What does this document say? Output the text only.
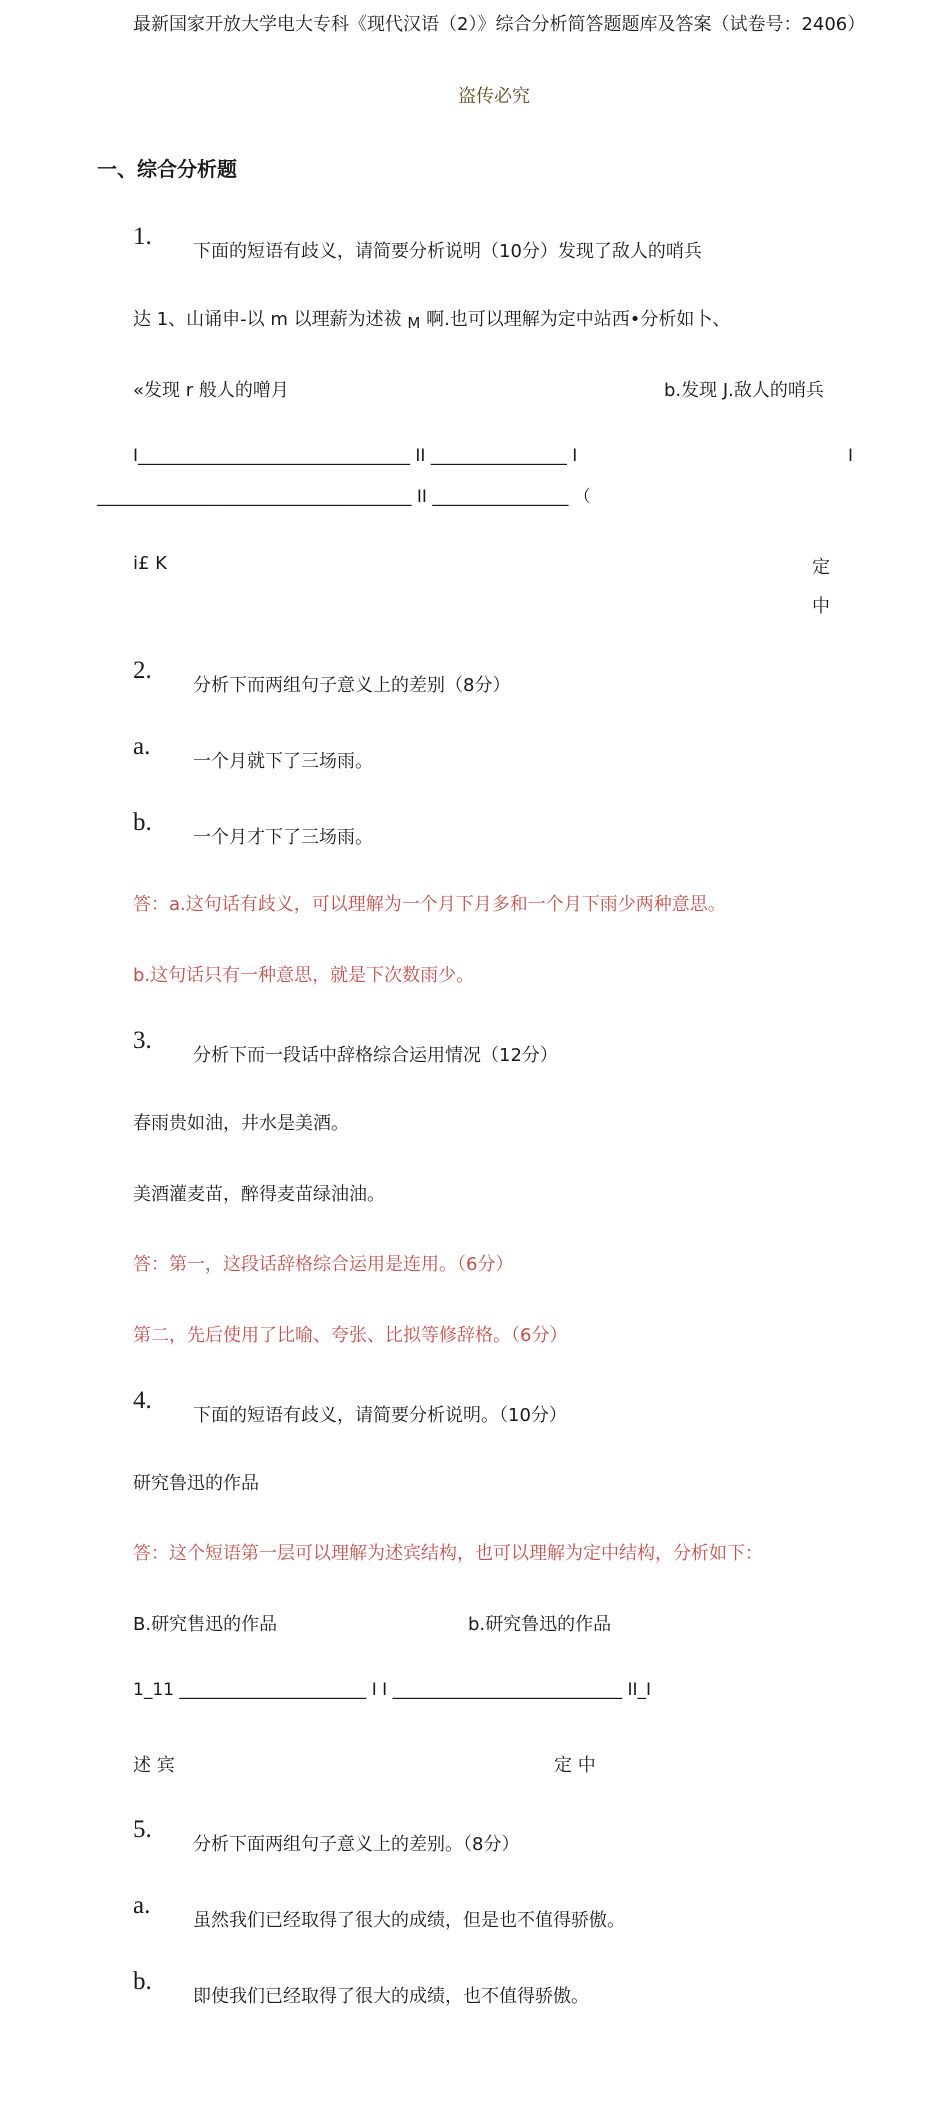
最新国家开放大学电大专科《现代汉语（2）》综合分析简答题题库及答案（试卷号：2406）
盗传必究
一、综合分析题
1.
下面的短语有歧义，请简要分析说明（10分）发现了敌人的哨兵
达 1、山诵申-以 m 以理薪为述祓 M 啊.也可以理解为定中站西•分析如卜、
«发现 r 般人的噌月	b.发现 J.敌人的哨兵
I________________________________ II ________________ I	I
_____________________________________ II ________________ （
i£ K	定
中
2.
分析下而两组句子意义上的差别（8分）
a.
一个月就下了三场雨。
b.
一个月才下了三场雨。
答：a.这句话有歧义，可以理解为一个月下月多和一个月下雨少两种意思。
b.这句话只有一种意思，就是下次数雨少。
3.
分析下而一段话中辞格综合运用情况（12分）
春雨贵如油，井水是美酒。
美酒灌麦苗，醉得麦苗绿油油。
答：第一，这段话辞格综合运用是连用。（6分）
第二，先后使用了比喻、夸张、比拟等修辞格。（6分）
4.
下面的短语有歧义，请简要分析说明。（10分）
研究鲁迅的作品
答：这个短语第一层可以理解为述宾结构，也可以理解为定中结构，分析如下：
B.研究售迅的作品	b.研究鲁迅的作品
1_11 ______________________ I I ___________________________ II_I
述 宾	定 中
5.
分析下面两组句子意义上的差别。（8分）
a.
虽然我们已经取得了很大的成绩，但是也不值得骄傲。
b.
即使我们已经取得了很大的成绩，也不值得骄傲。
